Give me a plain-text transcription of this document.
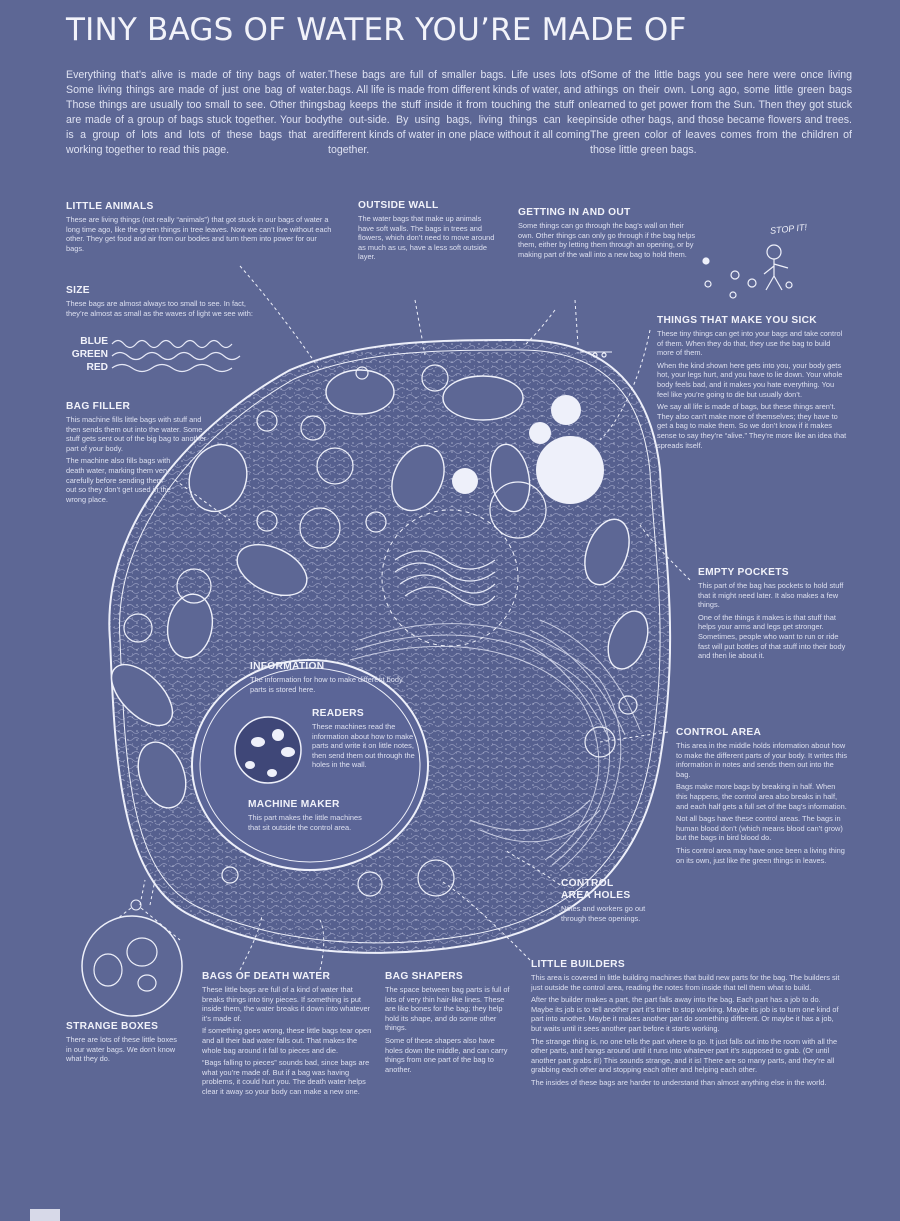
TINY BAGS OF WATER YOU’RE MADE OF

Everything that’s alive is made of tiny bags of water. Some living things are made of just one bag of water. Those things are usually too small to see. Other things are made of a group of bags stuck together. Your body is a group of lots and lots of these bags that are working together to read this page.

These bags are full of smaller bags. Life uses lots of bags. All life is made from different kinds of water, and a bag keeps the stuff inside it from touching the stuff on the out-side. By using bags, living things can keep different kinds of water in one place without it all coming together.

Some of the little bags you see here were once living things on their own. Long ago, some little green bags learned to get power from the Sun. Then they got stuck inside other bags, and those became flowers and trees. The green color of leaves comes from the children of those little green bags.

LITTLE ANIMALS

These are living things (not really “animals”) that got stuck in our bags of water a long time ago, like the green things in tree leaves. Now we can’t live without each other. They get food and air from our bodies and turn them into power for our bags.

SIZE

These bags are almost always too small to see. In fact, they’re almost as small as the waves of light we see with:

BLUE
GREEN
RED
OUTSIDE WALL

The water bags that make up animals have soft walls. The bags in trees and flowers, which don’t need to move around as much as us, have a less soft outside layer.

GETTING IN AND OUT

Some things can go through the bag’s wall on their own. Other things can only go through if the bag helps them, either by letting them through an opening, or by making part of the wall into a new bag to hold them.

STOP IT!
THINGS THAT MAKE YOU SICK

These tiny things can get into your bags and take control of them. When they do that, they use the bag to build more of them.

When the kind shown here gets into you, your body gets hot, your legs hurt, and you have to lie down. Your whole body feels bad, and it makes you hate everything. You feel like you’re going to die but usually don’t.

We say all life is made of bags, but these things aren’t. They also can’t make more of themselves; they have to get a bag to make them. So we don’t know if it makes sense to say they’re “alive.” They’re more like an idea that spreads itself.

BAG FILLER

This machine fills little bags with stuff and then sends them out into the water. Some stuff gets sent out of the big bag to another part of your body.

The machine also fills bags with death water, marking them very carefully before sending them out so they don’t get used in the wrong place.

EMPTY POCKETS

This part of the bag has pockets to hold stuff that it might need later. It also makes a few things.

One of the things it makes is that stuff that helps your arms and legs get stronger. Sometimes, people who want to run or ride fast will put bottles of that stuff into their body and then lie about it.

INFORMATION

The information for how to make different body parts is stored here.

READERS

These machines read the information about how to make parts and write it on little notes, then send them out through the holes in the wall.

MACHINE MAKER

This part makes the little machines that sit outside the control area.

CONTROL AREA

This area in the middle holds information about how to make the different parts of your body. It writes this information in notes and sends them out into the bag.

Bags make more bags by breaking in half. When this happens, the control area also breaks in half, and each half gets a full set of the bag’s information.

Not all bags have these control areas. The bags in human blood don’t (which means blood can’t grow) but the bags in bird blood do.

This control area may have once been a living thing on its own, just like the green things in leaves.

CONTROL
AREA HOLES

Notes and workers go out through these openings.

STRANGE BOXES

There are lots of these little boxes in our water bags. We don’t know what they do.

BAGS OF DEATH WATER

These little bags are full of a kind of water that breaks things into tiny pieces. If something is put inside them, the water breaks it down into whatever it’s made of.

If something goes wrong, these little bags tear open and all their bad water falls out. That makes the whole bag around it fall to pieces and die.

“Bags falling to pieces” sounds bad, since bags are what you’re made of. But if a bag was having problems, it could hurt you. The death water helps clear it away so your body can make a new one.

BAG SHAPERS

The space between bag parts is full of lots of very thin hair-like lines. These are like bones for the bag; they help hold its shape, and do some other things.

Some of these shapers also have holes down the middle, and can carry things from one part of the bag to another.

LITTLE BUILDERS

This area is covered in little building machines that build new parts for the bag. The builders sit just outside the control area, reading the notes from inside that tell them what to build.

After the builder makes a part, the part falls away into the bag. Each part has a job to do. Maybe its job is to tell another part it’s time to stop working. Maybe its job is to turn one kind of part into another. Maybe it makes another part do something different. Or maybe it has a job, but waits until it sees another part before it starts working.

The strange thing is, no one tells the part where to go. It just falls out into the room with all the other parts, and hangs around until it runs into whatever part it’s supposed to grab. (Or until another part grabs it!) This sounds strange, and it is! There are so many parts, and they’re all grabbing each other and stopping each other and helping each other.

The insides of these bags are harder to understand than almost anything else in the world.
